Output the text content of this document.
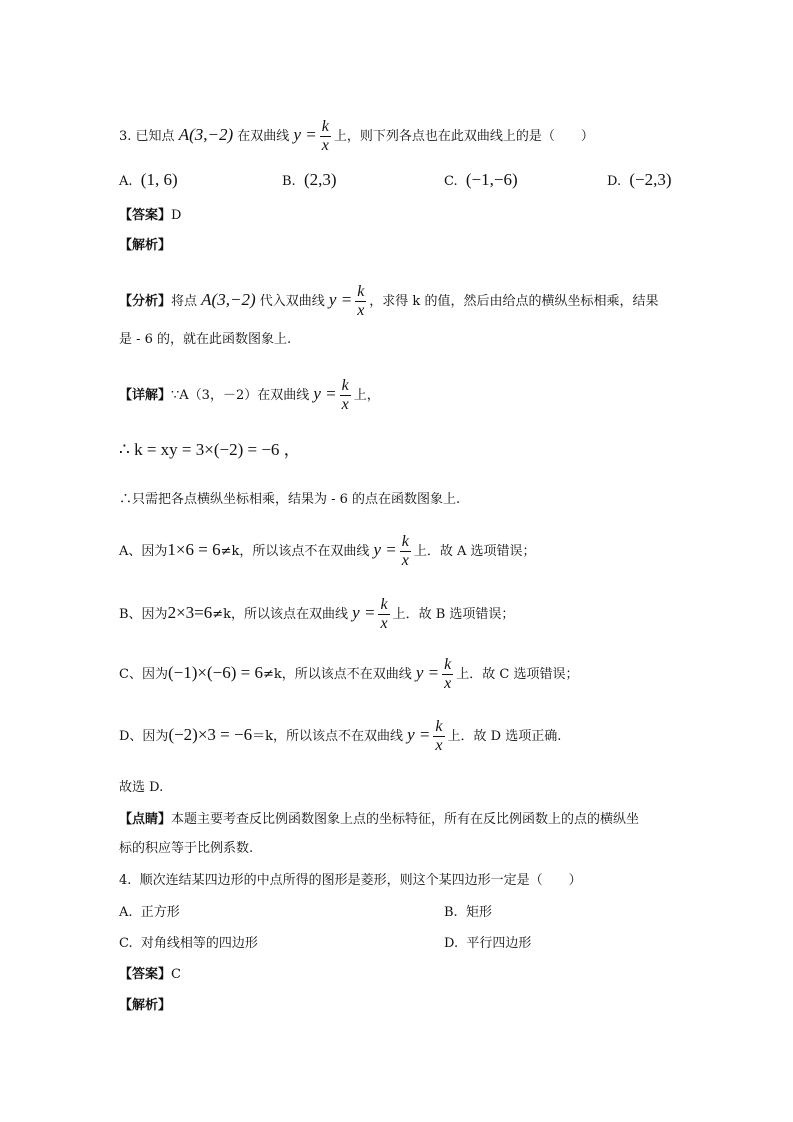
3. 已知点 A(3,−2) 在双曲线 $y = \frac{k}{x}$ 上，则下列各点也在此双曲线上的是（　　）
A. (1, 6)	B. (2,3)	C. (−1,−6)	D. (−2,3)
【答案】D
【解析】
【分析】将点 A(3,−2) 代入双曲线 $y = \frac{k}{x}$ ，求得 k 的值，然后由给点的横纵坐标相乘，结果
是 - 6 的，就在此函数图象上.
【详解】∵A（3，－2）在双曲线 $y = \frac{k}{x}$ 上，
∴ k = xy = 3×(−2) = −6 ，
∴只需把各点横纵坐标相乘，结果为 - 6 的点在函数图象上.
A、因为1×6 = 6≠k，所以该点不在双曲线 $y = \frac{k}{x}$ 上．故 A 选项错误；
B、因为2×3=6≠k，所以该点在双曲线 $y = \frac{k}{x}$ 上．故 B 选项错误；
C、因为(−1)×(−6) = 6≠k，所以该点不在双曲线 $y = \frac{k}{x}$ 上．故 C 选项错误；
D、因为(−2)×3 = −6＝k，所以该点不在双曲线 $y = \frac{k}{x}$ 上．故 D 选项正确.
故选 D.
【点睛】本题主要考查反比例函数图象上点的坐标特征，所有在反比例函数上的点的横纵坐
标的积应等于比例系数.
4. 顺次连结某四边形的中点所得的图形是菱形，则这个某四边形一定是（　　）
A. 正方形	B. 矩形
C. 对角线相等的四边形	D. 平行四边形
【答案】C
【解析】
